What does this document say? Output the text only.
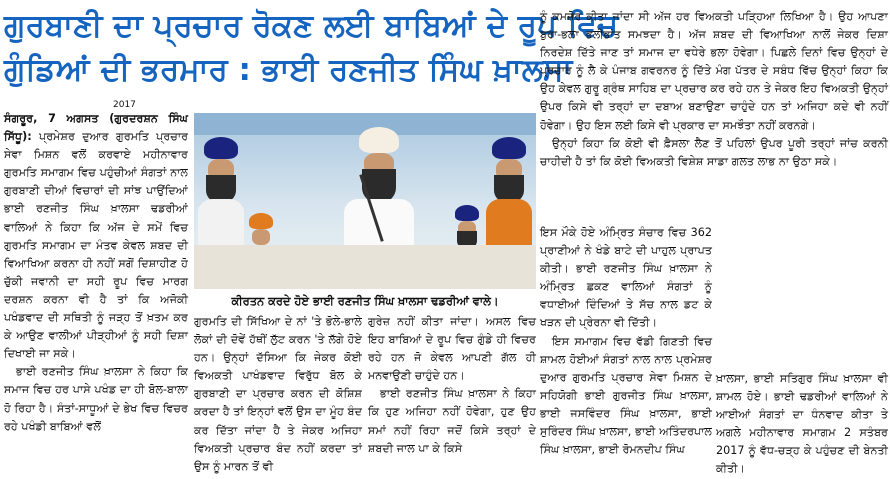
ਗੁਰਬਾਣੀ ਦਾ ਪ੍ਰਚਾਰ ਰੋਕਣ ਲਈ ਬਾਬਿਆਂ ਦੇ ਰੂਪ ਵਿਚ
ਗੁੰਡਿਆਂ ਦੀ ਭਰਮਾਰ : ਭਾਈ ਰਣਜੀਤ ਸਿੰਘ ਖ਼ਾਲਸਾ
2017

ਸੰਗਰੂਰ, 7 ਅਗਸਤ (ਗੁਰਦਰਸ਼ਨ ਸਿੰਘ ਸਿੱਧੂ): ਪ੍ਰਮੇਸ਼ਰ ਦੁਆਰ ਗੁਰਮਤਿ ਪ੍ਰਚਾਰ ਸੇਵਾ ਮਿਸ਼ਨ ਵਲੋਂ ਕਰਵਾਏ ਮਹੀਨਾਵਾਰ ਗੁਰਮਤਿ ਸਮਾਗਮ ਵਿਚ ਪਹੁੰਚੀਆਂ ਸੰਗਤਾਂ ਨਾਲ ਗੁਰਬਾਣੀ ਦੀਆਂ ਵਿਚਾਰਾਂ ਦੀ ਸਾਂਝ ਪਾਉਂਦਿਆਂ ਭਾਈ ਰਣਜੀਤ ਸਿੰਘ ਖ਼ਾਲਸਾ ਢਡਰੀਆਂ ਵਾਲਿਆਂ ਨੇ ਕਿਹਾ ਕਿ ਅੱਜ ਦੇ ਸਮੇਂ ਵਿਚ ਗੁਰਮਤਿ ਸਮਾਗਮ ਦਾ ਮੰਤਵ ਕੇਵਲ ਸ਼ਬਦ ਦੀ ਵਿਆਖਿਆ ਕਰਨਾ ਹੀ ਨਹੀਂ ਸਗੋਂ ਦਿਸ਼ਾਹੀਣ ਹੋ ਚੁੱਕੀ ਜਵਾਨੀ ਦਾ ਸਹੀ ਰੂਪ ਵਿਚ ਮਾਰਗ ਦਰਸ਼ਨ ਕਰਨਾ ਵੀ ਹੈ ਤਾਂ ਕਿ ਅਜੋਕੀ ਪਖੰਡਵਾਦ ਦੀ ਸਥਿਤੀ ਨੂੰ ਜੜ੍ਹ ਤੋਂ ਖ਼ਤਮ ਕਰ ਕੇ ਆਉਣ ਵਾਲੀਆਂ ਪੀੜ੍ਹੀਆਂ ਨੂੰ ਸਹੀ ਦਿਸ਼ਾ ਦਿਖਾਈ ਜਾ ਸਕੇ।

ਭਾਈ ਰਣਜੀਤ ਸਿੰਘ ਖ਼ਾਲਸਾ ਨੇ ਕਿਹਾ ਕਿ ਸਮਾਜ ਵਿਚ ਹਰ ਪਾਸੇ ਪਖੰਡ ਦਾ ਹੀ ਬੋਲ-ਬਾਲਾ ਹੋ ਰਿਹਾ ਹੈ। ਸੰਤਾਂ-ਸਾਧੂਆਂ ਦੇ ਭੇਖ ਵਿਚ ਵਿਚਰ ਰਹੇ ਪਖੰਡੀ ਬਾਬਿਆਂ ਵਲੋਂ

ਕੀਰਤਨ ਕਰਦੇ ਹੋਏ ਭਾਈ ਰਣਜੀਤ ਸਿੰਘ ਖ਼ਾਲਸਾ ਢਡਰੀਆਂ ਵਾਲੇ।

ਗੁਰਮਤਿ ਦੀ ਸਿੱਖਿਆ ਦੇ ਨਾਂ 'ਤੇ ਭੋਲੇ-ਭਾਲੇ ਲੋਕਾਂ ਦੀ ਦੋਵੇਂ ਹੱਥੀਂ ਲੁੱਟ ਕਰਨ 'ਤੇ ਲੱਗੇ ਹੋਏ ਹਨ। ਉਨ੍ਹਾਂ ਦੱਸਿਆ ਕਿ ਜੇਕਰ ਕੋਈ ਵਿਅਕਤੀ ਪਾਖੰਡਵਾਦ ਵਿਰੁੱਧ ਬੋਲ ਕੇ ਗੁਰਬਾਣੀ ਦਾ ਪ੍ਰਚਾਰ ਕਰਨ ਦੀ ਕੋਸ਼ਿਸ਼ ਕਰਦਾ ਹੈ ਤਾਂ ਇਨ੍ਹਾਂ ਵਲੋਂ ਉਸ ਦਾ ਮੂੰਹ ਬੰਦ ਕਰ ਦਿੱਤਾ ਜਾਂਦਾ ਹੈ ਤੇ ਜੇਕਰ ਅਜਿਹਾ ਵਿਅਕਤੀ ਪ੍ਰਚਾਰ ਬੰਦ ਨਹੀਂ ਕਰਦਾ ਤਾਂ ਉਸ ਨੂੰ ਮਾਰਨ ਤੋਂ ਵੀ

ਗੁਰੇਜ਼ ਨਹੀਂ ਕੀਤਾ ਜਾਂਦਾ। ਅਸਲ ਵਿਚ ਇਹ ਬਾਬਿਆਂ ਦੇ ਰੂਪ ਵਿਚ ਗੁੰਡੇ ਹੀ ਵਿਚਰ ਰਹੇ ਹਨ ਜੋ ਕੇਵਲ ਆਪਣੀ ਗੱਲ ਹੀ ਮਨਵਾਉਣੀ ਚਾਹੁੰਦੇ ਹਨ।

ਭਾਈ ਰਣਜੀਤ ਸਿੰਘ ਖ਼ਾਲਸਾ ਨੇ ਕਿਹਾ ਕਿ ਹੁਣ ਅਜਿਹਾ ਨਹੀਂ ਹੋਵੇਗਾ, ਹੁਣ ਉਹ ਸਮਾਂ ਨਹੀਂ ਰਿਹਾ ਜਦੋਂ ਕਿਸੇ ਤਰ੍ਹਾਂ ਦੇ ਸ਼ਬਦੀ ਜਾਲ ਪਾ ਕੇ ਕਿਸੇ

ਨੂੰ ਕਮਜ਼ੋਰ ਕੀਤਾ ਜਾਂਦਾ ਸੀ ਅੱਜ ਹਰ ਵਿਅਕਤੀ ਪੜ੍ਹਿਆ ਲਿਖਿਆ ਹੈ। ਉਹ ਆਪਣਾ ਬੁਰਾ-ਭਲਾ ਭਲੀਭਾਂਤ ਸਮਝਦਾ ਹੈ। ਅੱਜ ਸ਼ਬਦ ਦੀ ਵਿਆਖਿਆ ਨਾਲੋਂ ਜੇਕਰ ਦਿਸ਼ਾ ਨਿਰਦੇਸ਼ ਦਿੱਤੇ ਜਾਣ ਤਾਂ ਸਮਾਜ ਦਾ ਵਧੇਰੇ ਭਲਾ ਹੋਵੇਗਾ। ਪਿਛਲੇ ਦਿਨਾਂ ਵਿਚ ਉਨ੍ਹਾਂ ਦੇ ਪ੍ਰਚਾਰ ਨੂੰ ਲੈ ਕੇ ਪੰਜਾਬ ਗਵਰਨਰ ਨੂੰ ਦਿੱਤੇ ਮੰਗ ਪੱਤਰ ਦੇ ਸਬੰਧ ਵਿੱਚ ਉਨ੍ਹਾਂ ਕਿਹਾ ਕਿ ਉਹ ਕੇਵਲ ਗੁਰੂ ਗ੍ਰੰਥ ਸਾਹਿਬ ਦਾ ਪ੍ਰਚਾਰ ਕਰ ਰਹੇ ਹਨ ਤੇ ਜੇਕਰ ਇਹ ਵਿਅਕਤੀ ਉਨ੍ਹਾਂ ਉਪਰ ਕਿਸੇ ਵੀ ਤਰ੍ਹਾਂ ਦਾ ਦਬਾਅ ਬਣਾਉਣਾ ਚਾਹੁੰਦੇ ਹਨ ਤਾਂ ਅਜਿਹਾ ਕਦੇ ਵੀ ਨਹੀਂ ਹੋਵੇਗਾ। ਉਹ ਇਸ ਲਈ ਕਿਸੇ ਵੀ ਪ੍ਰਕਾਰ ਦਾ ਸਮਝੌਤਾ ਨਹੀਂ ਕਰਨਗੇ।

ਉਨ੍ਹਾਂ ਕਿਹਾ ਕਿ ਕੋਈ ਵੀ ਫ਼ੈਸਲਾ ਲੈਣ ਤੋਂ ਪਹਿਲਾਂ ਉਪਰ ਪੂਰੀ ਤਰ੍ਹਾਂ ਜਾਂਚ ਕਰਨੀ ਚਾਹੀਦੀ ਹੈ ਤਾਂ ਕਿ ਕੋਈ ਵਿਅਕਤੀ ਵਿਸ਼ੇਸ਼ ਸਾਡਾ ਗਲਤ ਲਾਭ ਨਾ ਉਠਾ ਸਕੇ।

ਇਸ ਮੌਕੇ ਹੋਏ ਅੰਮ੍ਰਿਤ ਸੰਚਾਰ ਵਿਚ 362 ਪ੍ਰਾਣੀਆਂ ਨੇ ਖੰਡੇ ਬਾਟੇ ਦੀ ਪਾਹੁਲ ਪ੍ਰਾਪਤ ਕੀਤੀ। ਭਾਈ ਰਣਜੀਤ ਸਿੰਘ ਖ਼ਾਲਸਾ ਨੇ ਅੰਮ੍ਰਿਤ ਛਕਣ ਵਾਲਿਆਂ ਸੰਗਤਾਂ ਨੂੰ ਵਧਾਈਆਂ ਦਿੰਦਿਆਂ ਤੇ ਸੱਚ ਨਾਲ ਡਟ ਕੇ ਖੜਨ ਦੀ ਪ੍ਰੇਰਨਾ ਵੀ ਦਿੱਤੀ।

ਇਸ ਸਮਾਗਮ ਵਿਚ ਵੱਡੀ ਗਿਣਤੀ ਵਿਚ ਸ਼ਾਮਲ ਹੋਈਆਂ ਸੰਗਤਾਂ ਨਾਲ ਨਾਲ ਪ੍ਰਮੇਸ਼ਰ ਦੁਆਰ ਗੁਰਮਤਿ ਪ੍ਰਚਾਰ ਸੇਵਾ ਮਿਸ਼ਨ ਦੇ ਸਹਿਯੋਗੀ ਭਾਈ ਗੁਰਜੀਤ ਸਿੰਘ ਖ਼ਾਲਸਾ, ਭਾਈ ਜਸਵਿੰਦਰ ਸਿੰਘ ਖ਼ਾਲਸਾ, ਭਾਈ ਸੁਰਿੰਦਰ ਸਿੰਘ ਖ਼ਾਲਸਾ, ਭਾਈ ਅਤਿੰਦਰਪਾਲ ਸਿੰਘ ਖ਼ਾਲਸਾ, ਭਾਈ ਰੋਮਨਦੀਪ ਸਿੰਘ

ਖ਼ਾਲਸਾ, ਭਾਈ ਸਤਿਗੁਰ ਸਿੰਘ ਖ਼ਾਲਸਾ ਵੀ ਸ਼ਾਮਲ ਹੋਏ। ਭਾਈ ਢਡਰੀਆਂ ਵਾਲਿਆਂ ਨੇ ਆਈਆਂ ਸੰਗਤਾਂ ਦਾ ਧੰਨਵਾਦ ਕੀਤਾ ਤੇ ਅਗਲੇ ਮਹੀਨਾਵਾਰ ਸਮਾਗਮ 2 ਸਤੰਬਰ 2017 ਨੂੰ ਵੱਧ-ਚੜ੍ਹ ਕੇ ਪਹੁੰਚਣ ਦੀ ਬੇਨਤੀ ਕੀਤੀ।
